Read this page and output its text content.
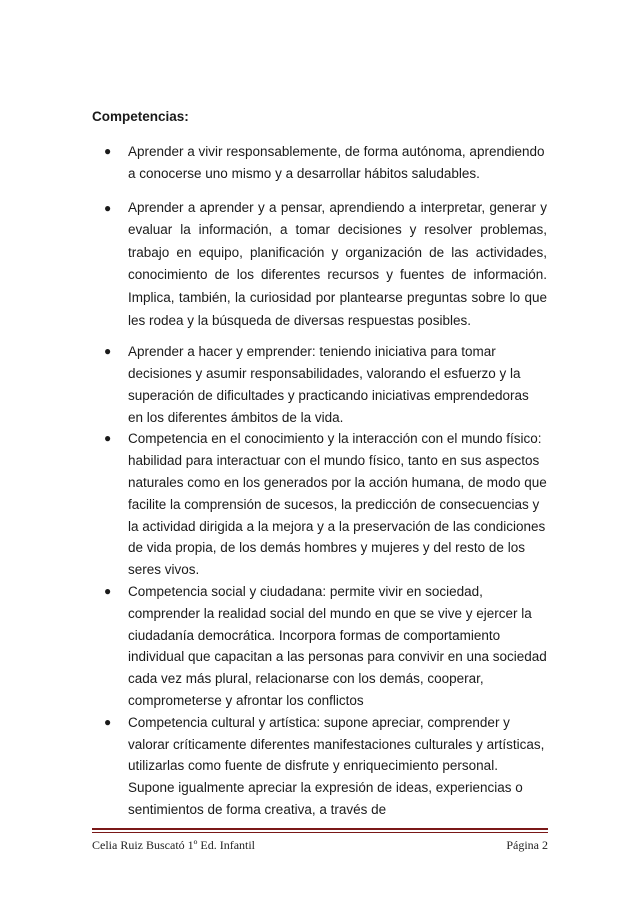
Competencias:
● Aprender a vivir responsablemente, de forma autónoma, aprendiendo a conocerse uno mismo y a desarrollar hábitos saludables.
● Aprender a aprender y a pensar, aprendiendo a interpretar, generar y evaluar la información, a tomar decisiones y resolver problemas, trabajo en equipo, planificación y organización de las actividades, conocimiento de los diferentes recursos y fuentes de información. Implica, también, la curiosidad por plantearse preguntas sobre lo que les rodea y la búsqueda de diversas respuestas posibles.
● Aprender a hacer y emprender: teniendo iniciativa para tomar decisiones y asumir responsabilidades, valorando el esfuerzo y la superación de dificultades y practicando iniciativas emprendedoras en los diferentes ámbitos de la vida.
● Competencia en el conocimiento y la interacción con el mundo físico: habilidad para interactuar con el mundo físico, tanto en sus aspectos naturales como en los generados por la acción humana, de modo que facilite la comprensión de sucesos, la predicción de consecuencias y la actividad dirigida a la mejora y a la preservación de las condiciones de vida propia, de los demás hombres y mujeres y del resto de los seres vivos.
● Competencia social y ciudadana: permite vivir en sociedad, comprender la realidad social del mundo en que se vive y ejercer la ciudadanía democrática. Incorpora formas de comportamiento individual que capacitan a las personas para convivir en una sociedad cada vez más plural, relacionarse con los demás, cooperar, comprometerse y afrontar los conflictos
● Competencia cultural y artística: supone apreciar, comprender y valorar críticamente diferentes manifestaciones culturales y artísticas, utilizarlas como fuente de disfrute y enriquecimiento personal. Supone igualmente apreciar la expresión de ideas, experiencias o sentimientos de forma creativa, a través de
Celia Ruiz Buscató 1º Ed. Infantil	Página 2
